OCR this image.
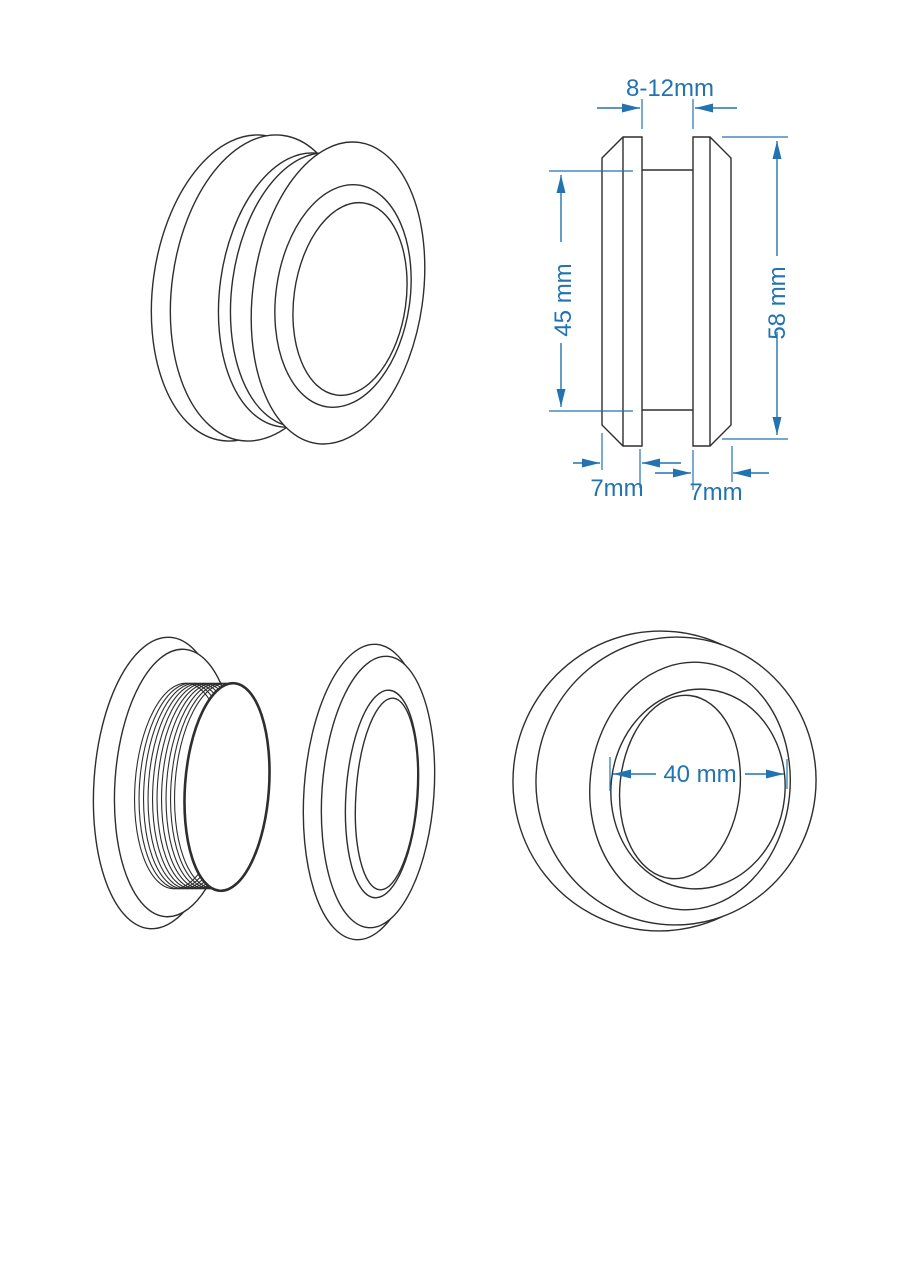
8-12mm
45 mm	58 mm
7mm 7mm
40 mm
